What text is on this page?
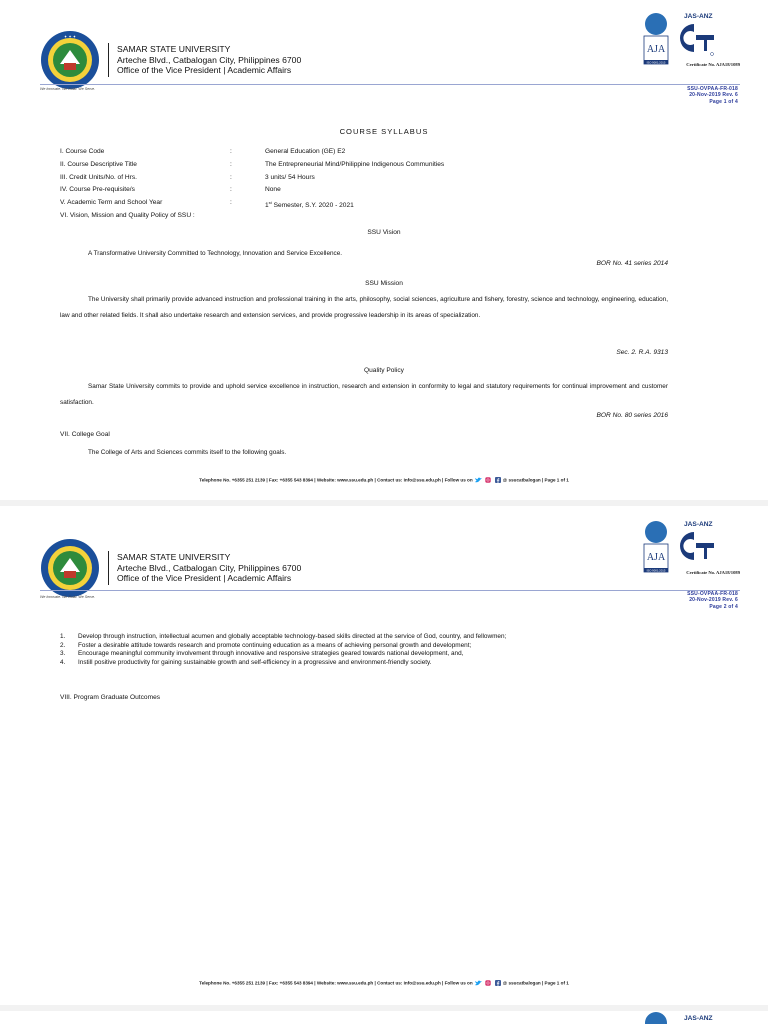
✦ ✦ ✦
SAMAR STATE UNIVERSITY
Arteche Blvd., Catbalogan City, Philippines 6700
Office of the Vice President | Academic Affairs
We Innovate. We Build. We Serve.
AJA
ISO 9001:2015
JAS-ANZ
Certificate No. AJA18/1089
SSU-OVPAA-FR-018
20-Nov-2019 Rev. 6
Page 1 of 4
COURSE SYLLABUS
I. Course Code	:	General Education (GE) E2
II. Course Descriptive Title	:	The Entrepreneurial Mind/Philippine Indigenous Communities
III. Credit Units/No. of Hrs.	:	3 units/ 54 Hours
IV. Course Pre-requisite/s	:	None
V. Academic Term and School Year	:	1st Semester, S.Y. 2020 - 2021
VI. Vision, Mission and Quality Policy of SSU :
SSU Vision
A Transformative University Committed to Technology, Innovation and Service Excellence.
BOR No. 41 series 2014
SSU Mission
The University shall primarily provide advanced instruction and professional training in the arts, philosophy, social sciences, agriculture and fishery, forestry, science and technology, engineering, education, law and other related fields. It shall also undertake research and extension services, and provide progressive leadership in its areas of specialization.
Sec. 2. R.A. 9313
Quality Policy
Samar State University commits to provide and uphold service excellence in instruction, research and extension in conformity to legal and statutory requirements for continual improvement and customer satisfaction.
BOR No. 80 series 2016
VII. College Goal
The College of Arts and Sciences commits itself to the following goals.
Telephone No. +6355 251 2139 | Fax: +6355 543 8394 | Website: www.ssu.edu.ph | Contact us: info@ssu.edu.ph | Follow us on	@ ssucatbalogan | Page 1 of 1
SAMAR STATE UNIVERSITY
Arteche Blvd., Catbalogan City, Philippines 6700
Office of the Vice President | Academic Affairs
We Innovate. We Build. We Serve.
AJA
ISO 9001:2015
JAS-ANZ
Certificate No. AJA18/1089
SSU-OVPAA-FR-018
20-Nov-2019 Rev. 6
Page 2 of 4
1. Develop through instruction, intellectual acumen and globally acceptable technology-based skills directed at the service of God, country, and fellowmen;
2. Foster a desirable attitude towards research and promote continuing education as a means of achieving personal growth and development;
3. Encourage meaningful community involvement through innovative and responsive strategies geared towards national development, and,
4. Instill positive productivity for gaining sustainable growth and self-efficiency in a progressive and environment-friendly society.
VIII. Program Graduate Outcomes
Telephone No. +6355 251 2139 | Fax: +6355 543 8394 | Website: www.ssu.edu.ph | Contact us: info@ssu.edu.ph | Follow us on	@ ssucatbalogan | Page 1 of 1
JAS-ANZ
